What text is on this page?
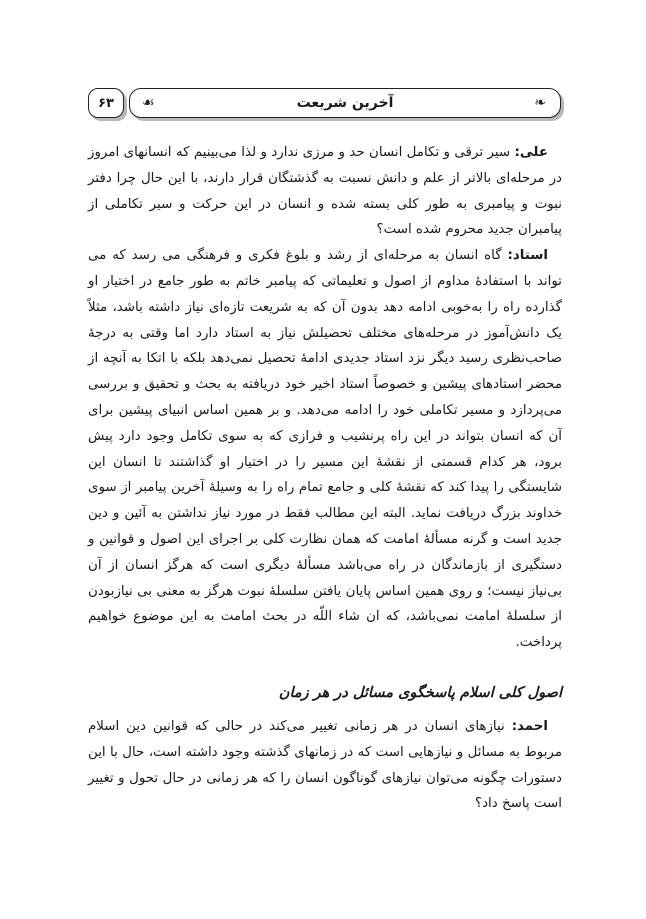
۶۳ ☙	آخرین شریعت	❧

علی: سیر ترقی و تکامل انسان حد و مرزی ندارد و لذا می‌بینیم که انسانهای امروز در مرحله‌ای بالاتر از علم و دانش نسبت به گذشتگان قرار دارند، با این حال چرا دفتر نبوت و پیامبری به طور کلی بسته شده و انسان در این حرکت و سیر تکاملی از پیامبران جدید محروم شده است؟

استاد: گاه انسان به مرحله‌ای از رشد و بلوغ فکری و فرهنگی می رسد که می تواند با استفادهٔ مداوم از اصول و تعلیماتی که پیامبر خاتم به طور جامع در اختیار او گذارده راه را به‌خوبی ادامه دهد بدون آن که به شریعت تازه‌ای نیاز داشته باشد، مثلاً یک دانش‌آموز در مرحله‌های مختلف تحصیلش نیاز به استاد دارد اما وقتی به درجهٔ صاحب‌نظری رسید دیگر نزد استاد جدیدی ادامهٔ تحصیل نمی‌دهد بلکه با اتکا به آنچه از محضر استادهای پیشین و خصوصاً استاد اخیر خود دریافته به بحث و تحقیق و بررسی می‌پردازد و مسیر تکاملی خود را ادامه می‌دهد. و بر همین اساس انبیای پیشین برای آن که انسان بتواند در این راه پرنشیب و فرازی که به سوی تکامل وجود دارد پیش برود، هر کدام قسمتی از نقشهٔ این مسیر را در اختیار او گذاشتند تا انسان این شایستگی را پیدا کند که نقشهٔ کلی و جامع تمام راه را به وسیلهٔ آخرین پیامبر از سوی خداوند بزرگ دریافت نماید. البته این مطالب فقط در مورد نیاز نداشتن به آئین و دین جدید است و گرنه مسألهٔ امامت که همان نظارت کلی بر اجرای این اصول و قوانین و دستگیری از بازماندگان در راه می‌باشد مسألهٔ دیگری است که هرگز انسان از آن بی‌نیاز نیست؛ و روی همین اساس پایان یافتن سلسلهٔ نبوت هرگز به معنی بی نیازبودن از سلسلهٔ امامت نمی‌باشد، که ان شاء اللّه در بحث امامت به این موضوع خواهیم پرداخت.

اصول کلی اسلام پاسخگوی مسائل در هر زمان

احمد: نیازهای انسان در هر زمانی تغییر می‌کند در حالی که قوانین دین اسلام مربوط به مسائل و نیازهایی است که در زمانهای گذشته وجود داشته است، حال با این دستورات چگونه می‌توان نیازهای گوناگون انسان را که هر زمانی در حال تحول و تغییر است پاسخ داد؟
